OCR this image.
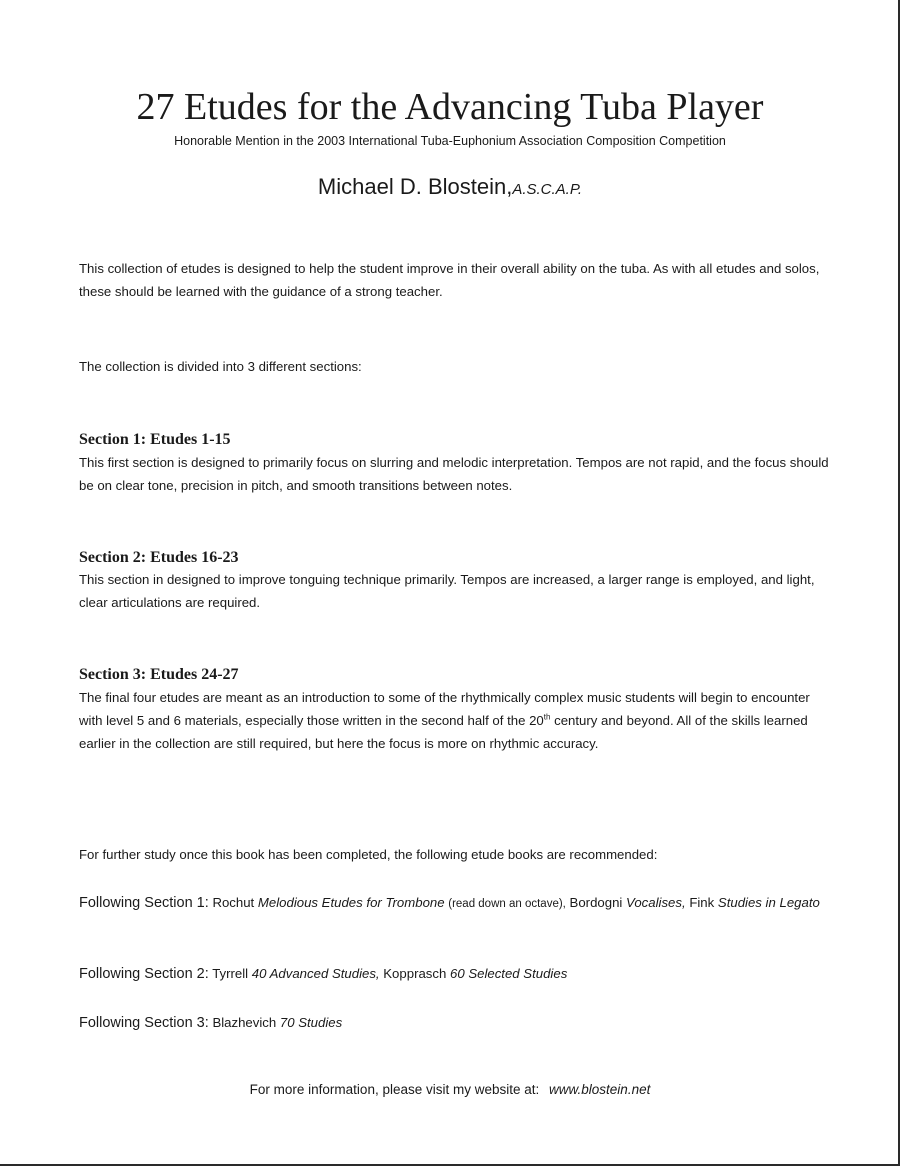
27 Etudes for the Advancing Tuba Player
Honorable Mention in the 2003 International Tuba-Euphonium Association Composition Competition
Michael D. Blostein,A.S.C.A.P.
This collection of etudes is designed to help the student improve in their overall ability on the tuba. As with all etudes and solos, these should be learned with the guidance of a strong teacher.
The collection is divided into 3 different sections:
Section 1: Etudes 1-15
This first section is designed to primarily focus on slurring and melodic interpretation. Tempos are not rapid, and the focus should be on clear tone, precision in pitch, and smooth transitions between notes.
Section 2: Etudes 16-23
This section in designed to improve tonguing technique primarily. Tempos are increased, a larger range is employed, and light, clear articulations are required.
Section 3: Etudes 24-27
The final four etudes are meant as an introduction to some of the rhythmically complex music students will begin to encounter with level 5 and 6 materials, especially those written in the second half of the 20th century and beyond. All of the skills learned earlier in the collection are still required, but here the focus is more on rhythmic accuracy.
For further study once this book has been completed, the following etude books are recommended:
Following Section 1: Rochut Melodious Etudes for Trombone (read down an octave), Bordogni Vocalises, Fink Studies in Legato
Following Section 2: Tyrrell 40 Advanced Studies, Kopprasch 60 Selected Studies
Following Section 3: Blazhevich 70 Studies
For more information, please visit my website at: www.blostein.net
